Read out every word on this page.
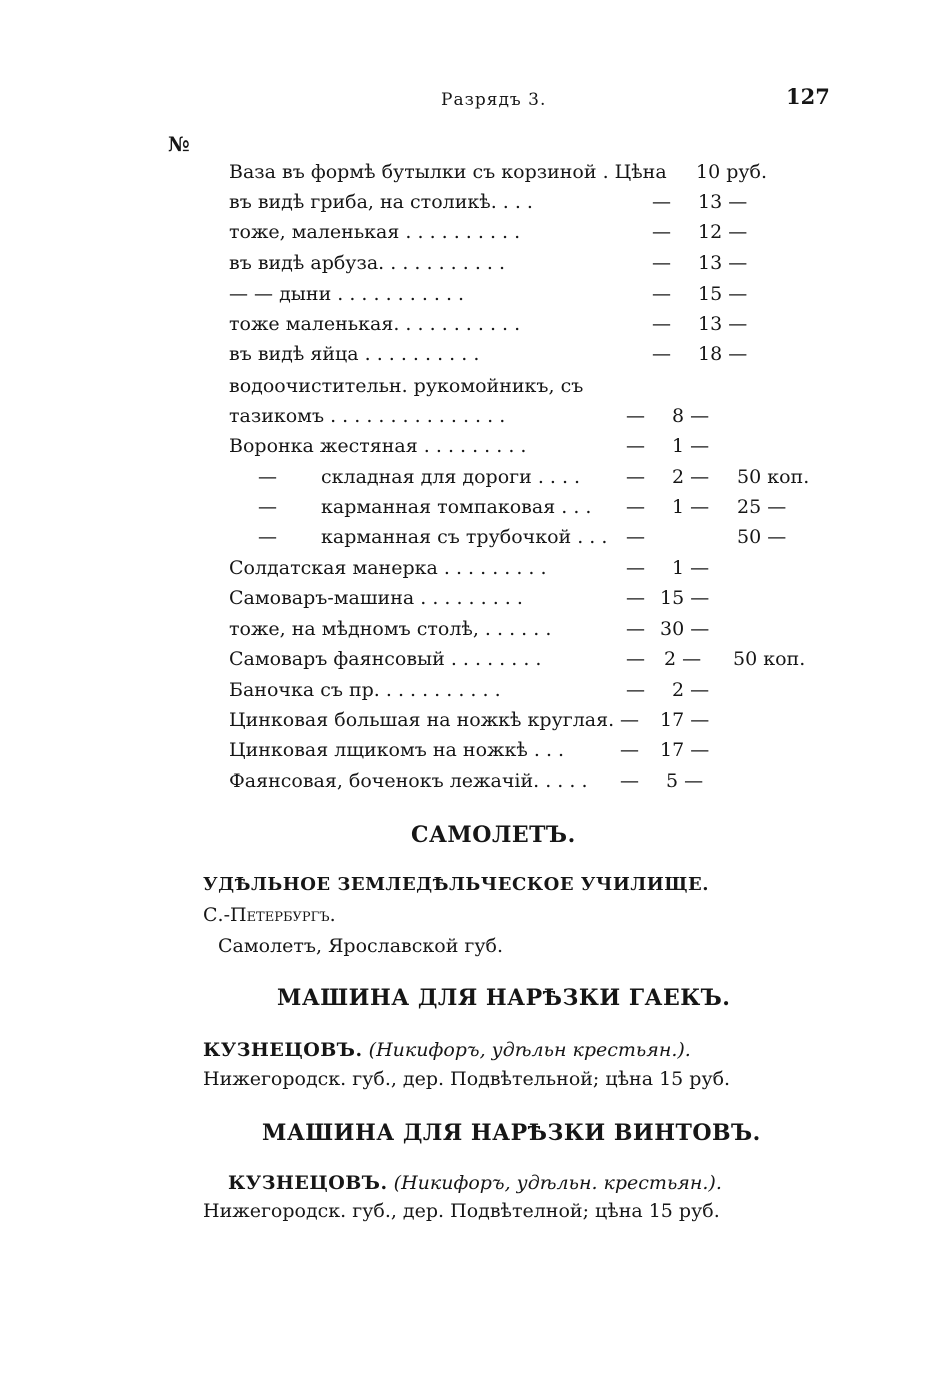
Разрядъ 3.	127
№
Ваза въ формѣ бутылки съ корзиной . Цѣна 10 руб.
въ видѣ гриба, на столикѣ. . . .	— 13 —
тоже, маленькая . . . . . . . . . .	— 12 —
въ видѣ арбуза. . . . . . . . . . .	— 13 —
— — дыни . . . . . . . . . . .	— 15 —
тоже маленькая. . . . . . . . . . .	— 13 —
въ видѣ яйца . . . . . . . . . .	— 18 —
водоочистительн. рукомойникъ, съ
тазикомъ . . . . . . . . . . . . . . .	— 8 —
Воронка жестяная . . . . . . . . .	— 1 —
— складная для дороги . . . . — 2 — 50 коп.
— карманная томпаковая . . . — 1 — 25 —
— карманная съ трубочкой . . . —	50 —
Солдатская манерка . . . . . . . . .	— 1 —
Самоваръ-машина . . . . . . . . .	— 15 —
тоже, на мѣдномъ столѣ, . . . . . .	— 30 —
Самоваръ фаянсовый . . . . . . . .	— 2 — 50 коп.
Баночка съ пр. . . . . . . . . . .	— 2 —
Цинковая большая на ножкѣ круглая. — 17 —
Цинковая лщикомъ на ножкѣ . . .	— 17 —
Фаянсовая, боченокъ лежачій. . . . . — 5 —
САМОЛЕТЪ.
УДѢЛЬНОЕ ЗЕМЛЕДѢЛЬЧЕСКОЕ УЧИЛИЩЕ.
С.-Петербургъ.
Самолетъ, Ярославской губ.
МАШИНА ДЛЯ НАРѢЗКИ ГАЕКЪ.
КУЗНЕЦОВЪ. (Никифоръ, удѣльн крестьян.).
Нижегородск. губ., дер. Подвѣтельной; цѣна 15 руб.
МАШИНА ДЛЯ НАРѢЗКИ ВИНТОВЪ.
КУЗНЕЦОВЪ. (Никифоръ, удѣльн. крестьян.).
Нижегородск. губ., дер. Подвѣтелной; цѣна 15 руб.
